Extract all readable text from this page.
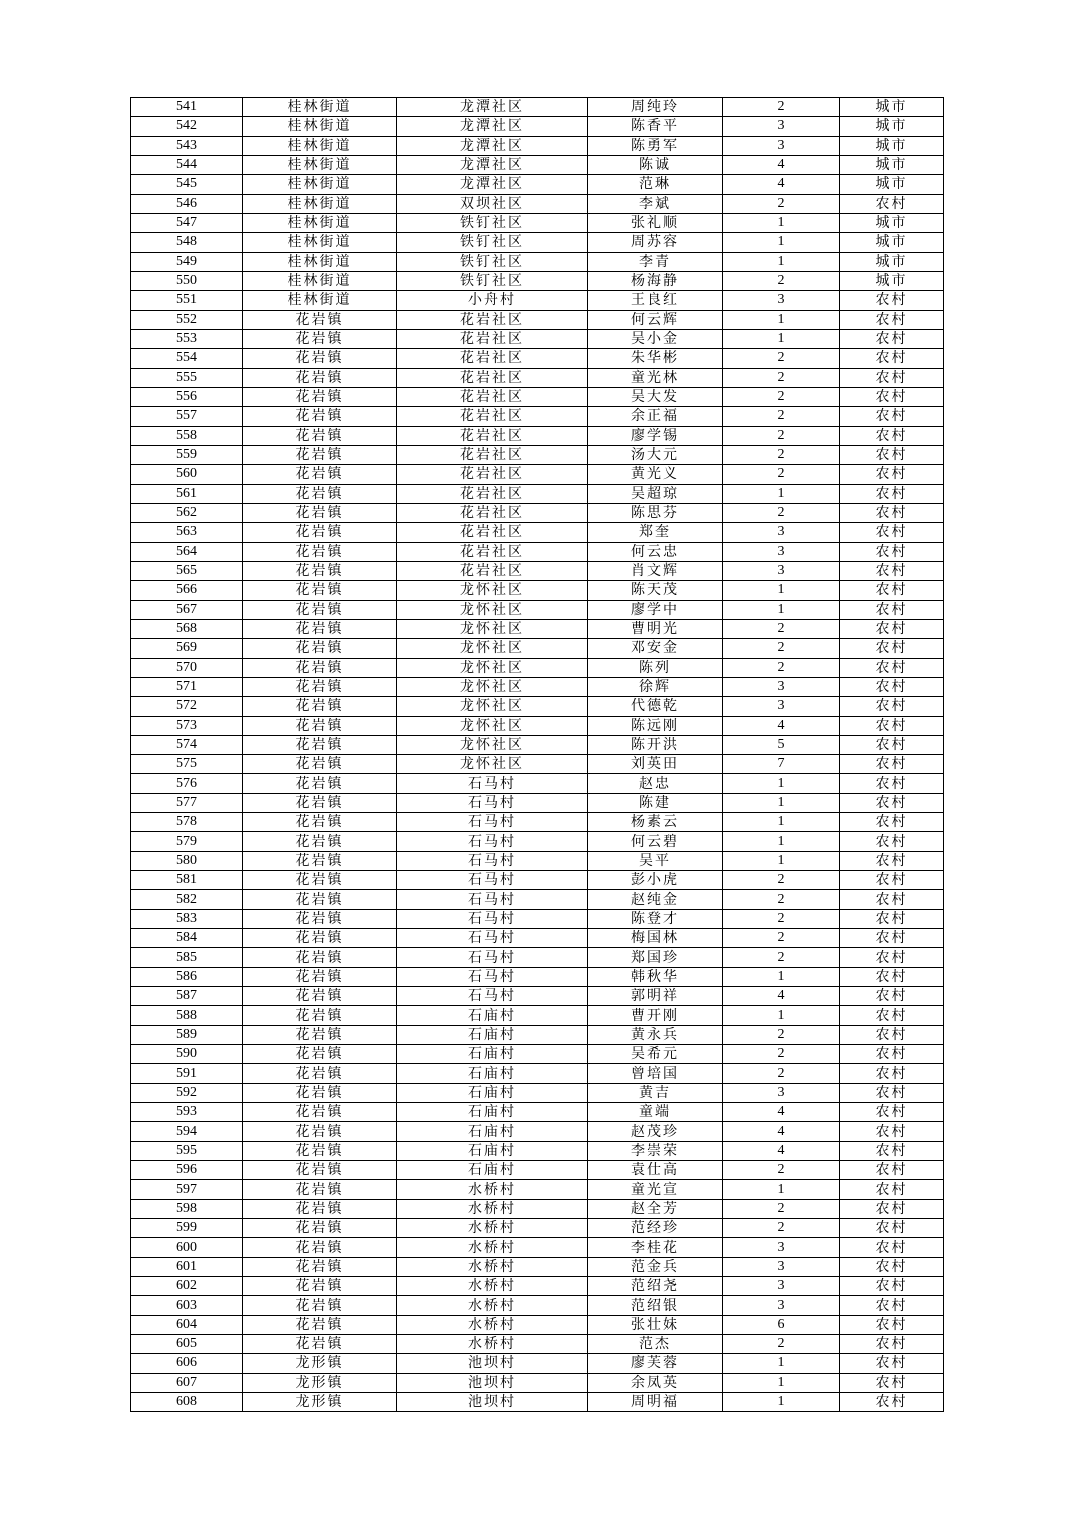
541	桂林街道	龙潭社区	周纯玲	2	城市
542	桂林街道	龙潭社区	陈香平	3	城市
543	桂林街道	龙潭社区	陈勇军	3	城市
544	桂林街道	龙潭社区	陈诚	4	城市
545	桂林街道	龙潭社区	范琳	4	城市
546	桂林街道	双坝社区	李斌	2	农村
547	桂林街道	铁钉社区	张礼顺	1	城市
548	桂林街道	铁钉社区	周苏容	1	城市
549	桂林街道	铁钉社区	李青	1	城市
550	桂林街道	铁钉社区	杨海静	2	城市
551	桂林街道	小舟村	王良红	3	农村
552	花岩镇	花岩社区	何云辉	1	农村
553	花岩镇	花岩社区	吴小金	1	农村
554	花岩镇	花岩社区	朱华彬	2	农村
555	花岩镇	花岩社区	童光林	2	农村
556	花岩镇	花岩社区	吴大发	2	农村
557	花岩镇	花岩社区	余正福	2	农村
558	花岩镇	花岩社区	廖学锡	2	农村
559	花岩镇	花岩社区	汤大元	2	农村
560	花岩镇	花岩社区	黄光义	2	农村
561	花岩镇	花岩社区	吴超琼	1	农村
562	花岩镇	花岩社区	陈思芬	2	农村
563	花岩镇	花岩社区	郑奎	3	农村
564	花岩镇	花岩社区	何云忠	3	农村
565	花岩镇	花岩社区	肖文辉	3	农村
566	花岩镇	龙怀社区	陈天茂	1	农村
567	花岩镇	龙怀社区	廖学中	1	农村
568	花岩镇	龙怀社区	曹明光	2	农村
569	花岩镇	龙怀社区	邓安金	2	农村
570	花岩镇	龙怀社区	陈列	2	农村
571	花岩镇	龙怀社区	徐辉	3	农村
572	花岩镇	龙怀社区	代德乾	3	农村
573	花岩镇	龙怀社区	陈远刚	4	农村
574	花岩镇	龙怀社区	陈开洪	5	农村
575	花岩镇	龙怀社区	刘英田	7	农村
576	花岩镇	石马村	赵忠	1	农村
577	花岩镇	石马村	陈建	1	农村
578	花岩镇	石马村	杨素云	1	农村
579	花岩镇	石马村	何云碧	1	农村
580	花岩镇	石马村	吴平	1	农村
581	花岩镇	石马村	彭小虎	2	农村
582	花岩镇	石马村	赵纯金	2	农村
583	花岩镇	石马村	陈登才	2	农村
584	花岩镇	石马村	梅国林	2	农村
585	花岩镇	石马村	郑国珍	2	农村
586	花岩镇	石马村	韩秋华	1	农村
587	花岩镇	石马村	郭明祥	4	农村
588	花岩镇	石庙村	曹开刚	1	农村
589	花岩镇	石庙村	黄永兵	2	农村
590	花岩镇	石庙村	吴希元	2	农村
591	花岩镇	石庙村	曾培国	2	农村
592	花岩镇	石庙村	黄吉	3	农村
593	花岩镇	石庙村	童端	4	农村
594	花岩镇	石庙村	赵茂珍	4	农村
595	花岩镇	石庙村	李崇荣	4	农村
596	花岩镇	石庙村	袁仕高	2	农村
597	花岩镇	水桥村	童光宣	1	农村
598	花岩镇	水桥村	赵全芳	2	农村
599	花岩镇	水桥村	范经珍	2	农村
600	花岩镇	水桥村	李桂花	3	农村
601	花岩镇	水桥村	范金兵	3	农村
602	花岩镇	水桥村	范绍尧	3	农村
603	花岩镇	水桥村	范绍银	3	农村
604	花岩镇	水桥村	张壮妹	6	农村
605	花岩镇	水桥村	范杰	2	农村
606	龙形镇	池坝村	廖芙蓉	1	农村
607	龙形镇	池坝村	余凤英	1	农村
608	龙形镇	池坝村	周明福	1	农村
